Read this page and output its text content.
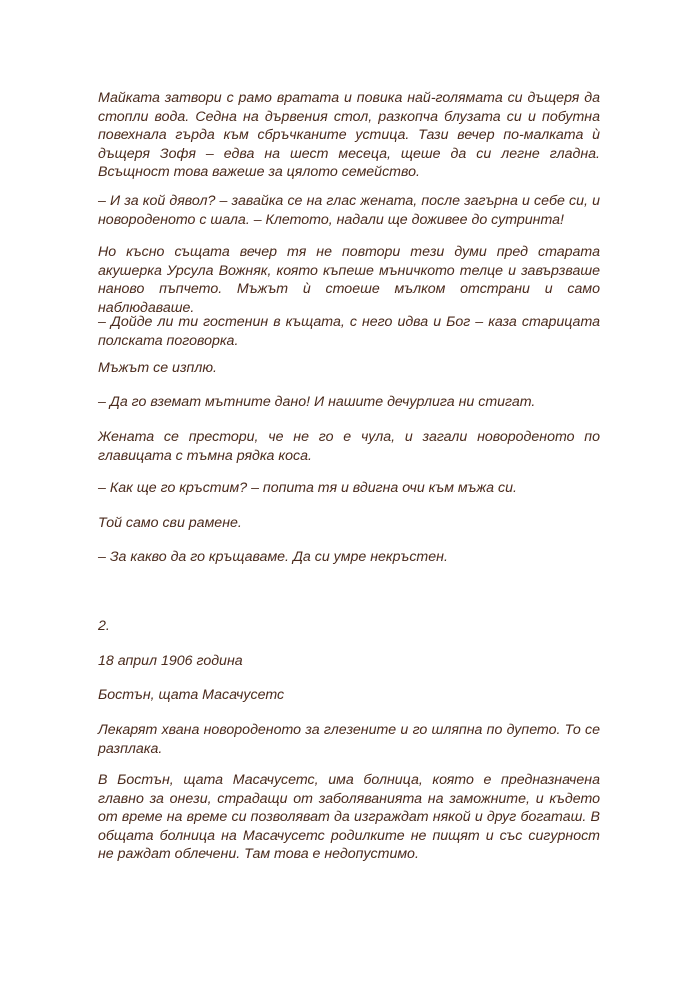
Майката затвори с рамо вратата и повика най-голямата си дъщеря да стопли вода. Седна на дървения стол, разкопча блузата си и побутна повехнала гърда към сбръчканите устица. Тази вечер по-малката ѝ дъщеря Зофя – едва на шест месеца, щеше да си легне гладна. Всъщност това важеше за цялото семейство.

– И за кой дявол? – завайка се на глас жената, после загърна и себе си, и новороденото с шала. – Клетото, надали ще доживее до сутринта!

Но късно същата вечер тя не повтори тези думи пред старата акушерка Урсула Вожняк, която къпеше мъничкото телце и завързваше наново пъпчето. Мъжът ѝ стоеше мълком отстрани и само наблюдаваше.

– Дойде ли ти гостенин в къщата, с него идва и Бог – каза старицата полската поговорка.

Мъжът се изплю.

– Да го вземат мътните дано! И нашите дечурлига ни стигат.

Жената се престори, че не го е чула, и загали новороденото по главицата с тъмна рядка коса.

– Как ще го кръстим? – попита тя и вдигна очи към мъжа си.

Той само сви рамене.

– За какво да го кръщаваме. Да си умре некръстен.

2.

18 април 1906 година

Бостън, щата Масачусетс

Лекарят хвана новороденото за глезените и го шляпна по дупето. То се разплака.

В Бостън, щата Масачусетс, има болница, която е предназначена главно за онези, страдащи от заболяванията на заможните, и където от време на време си позволяват да изграждат някой и друг богаташ. В общата болница на Масачусетс родилките не пищят и със сигурност не раждат облечени. Там това е недопустимо.
